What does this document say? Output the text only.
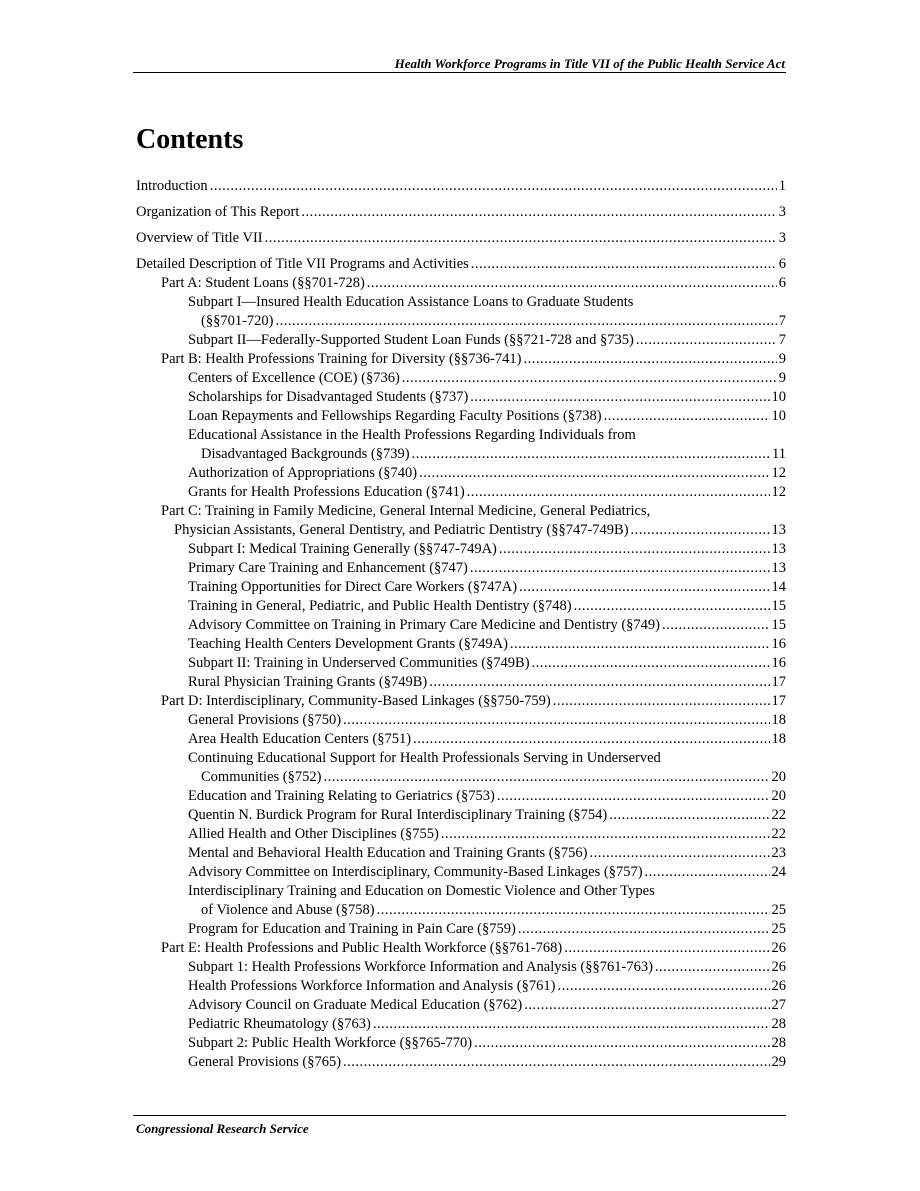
Health Workforce Programs in Title VII of the Public Health Service Act
Contents
Introduction .....	1
Organization of This Report .....	3
Overview of Title VII .....	3
Detailed Description of Title VII Programs and Activities .....	6
Part A: Student Loans (§§701-728) .....	6
Subpart I—Insured Health Education Assistance Loans to Graduate Students
(§§701-720) .....	7
Subpart II—Federally-Supported Student Loan Funds (§§721-728 and §735) .....	7
Part B: Health Professions Training for Diversity (§§736-741) .....	9
Centers of Excellence (COE) (§736) .....	9
Scholarships for Disadvantaged Students (§737) .....	10
Loan Repayments and Fellowships Regarding Faculty Positions (§738) .....	10
Educational Assistance in the Health Professions Regarding Individuals from
Disadvantaged Backgrounds (§739) .....	11
Authorization of Appropriations (§740) .....	12
Grants for Health Professions Education (§741) .....	12
Part C: Training in Family Medicine, General Internal Medicine, General Pediatrics,
Physician Assistants, General Dentistry, and Pediatric Dentistry (§§747-749B) .....	13
Subpart I: Medical Training Generally (§§747-749A) .....	13
Primary Care Training and Enhancement (§747) .....	13
Training Opportunities for Direct Care Workers (§747A) .....	14
Training in General, Pediatric, and Public Health Dentistry (§748) .....	15
Advisory Committee on Training in Primary Care Medicine and Dentistry (§749) .....	15
Teaching Health Centers Development Grants (§749A) .....	16
Subpart II: Training in Underserved Communities (§749B) .....	16
Rural Physician Training Grants (§749B) .....	17
Part D: Interdisciplinary, Community-Based Linkages (§§750-759) .....	17
General Provisions (§750) .....	18
Area Health Education Centers (§751) .....	18
Continuing Educational Support for Health Professionals Serving in Underserved
Communities (§752) .....	20
Education and Training Relating to Geriatrics (§753) .....	20
Quentin N. Burdick Program for Rural Interdisciplinary Training (§754) .....	22
Allied Health and Other Disciplines (§755) .....	22
Mental and Behavioral Health Education and Training Grants (§756) .....	23
Advisory Committee on Interdisciplinary, Community-Based Linkages (§757) .....	24
Interdisciplinary Training and Education on Domestic Violence and Other Types
of Violence and Abuse (§758) .....	25
Program for Education and Training in Pain Care (§759) .....	25
Part E: Health Professions and Public Health Workforce (§§761-768) .....	26
Subpart 1: Health Professions Workforce Information and Analysis (§§761-763) .....	26
Health Professions Workforce Information and Analysis (§761) .....	26
Advisory Council on Graduate Medical Education (§762) .....	27
Pediatric Rheumatology (§763) .....	28
Subpart 2: Public Health Workforce (§§765-770) .....	28
General Provisions (§765) .....	29
Congressional Research Service
